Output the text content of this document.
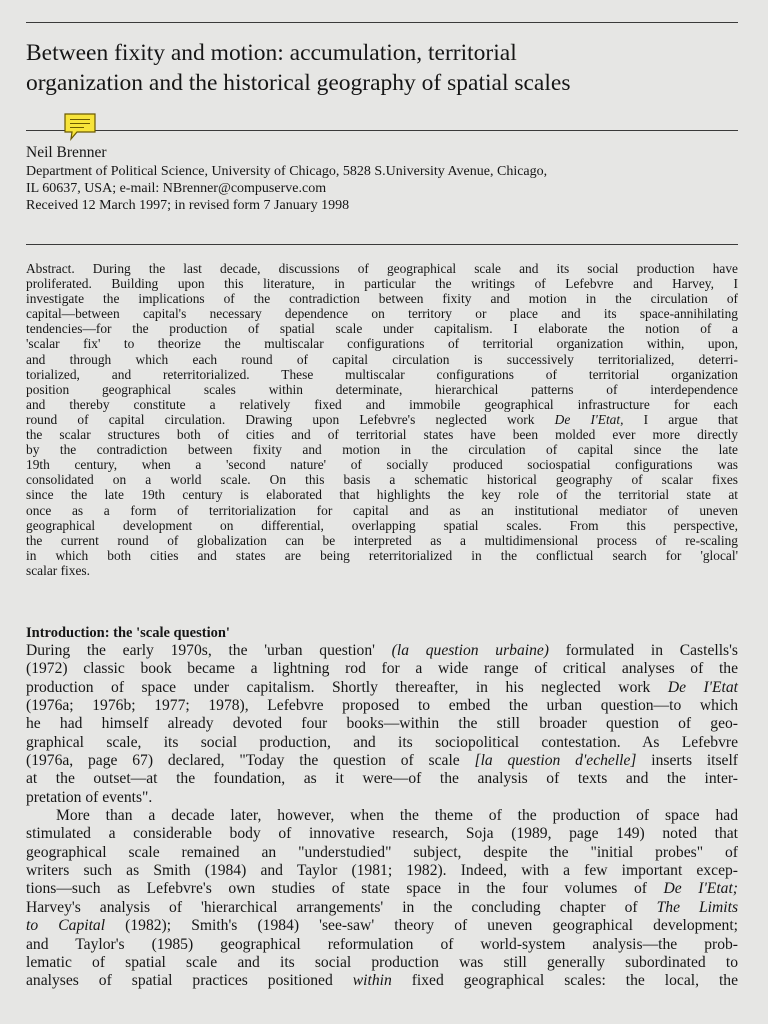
Between fixity and motion: accumulation, territorial
organization and the historical geography of spatial scales
Neil Brenner
Department of Political Science, University of Chicago, 5828 S.University Avenue, Chicago,
IL 60637, USA; e-mail: NBrenner@compuserve.com
Received 12 March 1997; in revised form 7 January 1998
Abstract. During the last decade, discussions of geographical scale and its social production have
proliferated. Building upon this literature, in particular the writings of Lefebvre and Harvey, I
investigate the implications of the contradiction between fixity and motion in the circulation of
capital—between capital's necessary dependence on territory or place and its space-annihilating
tendencies—for the production of spatial scale under capitalism. I elaborate the notion of a
'scalar fix' to theorize the multiscalar configurations of territorial organization within, upon,
and through which each round of capital circulation is successively territorialized, deterri-
torialized, and reterritorialized. These multiscalar configurations of territorial organization
position geographical scales within determinate, hierarchical patterns of interdependence
and thereby constitute a relatively fixed and immobile geographical infrastructure for each
round of capital circulation. Drawing upon Lefebvre's neglected work De I'Etat, I argue that
the scalar structures both of cities and of territorial states have been molded ever more directly
by the contradiction between fixity and motion in the circulation of capital since the late
19th century, when a 'second nature' of socially produced sociospatial configurations was
consolidated on a world scale. On this basis a schematic historical geography of scalar fixes
since the late 19th century is elaborated that highlights the key role of the territorial state at
once as a form of territorialization for capital and as an institutional mediator of uneven
geographical development on differential, overlapping spatial scales. From this perspective,
the current round of globalization can be interpreted as a multidimensional process of re-scaling
in which both cities and states are being reterritorialized in the conflictual search for 'glocal'
scalar fixes.
Introduction: the 'scale question'
During the early 1970s, the 'urban question' (la question urbaine) formulated in Castells's
(1972) classic book became a lightning rod for a wide range of critical analyses of the
production of space under capitalism. Shortly thereafter, in his neglected work De I'Etat
(1976a; 1976b; 1977; 1978), Lefebvre proposed to embed the urban question—to which
he had himself already devoted four books—within the still broader question of geo-
graphical scale, its social production, and its sociopolitical contestation. As Lefebvre
(1976a, page 67) declared, "Today the question of scale [la question d'echelle] inserts itself
at the outset—at the foundation, as it were—of the analysis of texts and the inter-
pretation of events".
More than a decade later, however, when the theme of the production of space had
stimulated a considerable body of innovative research, Soja (1989, page 149) noted that
geographical scale remained an "understudied" subject, despite the "initial probes" of
writers such as Smith (1984) and Taylor (1981; 1982). Indeed, with a few important excep-
tions—such as Lefebvre's own studies of state space in the four volumes of De I'Etat;
Harvey's analysis of 'hierarchical arrangements' in the concluding chapter of The Limits
to Capital (1982); Smith's (1984) 'see-saw' theory of uneven geographical development;
and Taylor's (1985) geographical reformulation of world-system analysis—the prob-
lematic of spatial scale and its social production was still generally subordinated to
analyses of spatial practices positioned within fixed geographical scales: the local, the
